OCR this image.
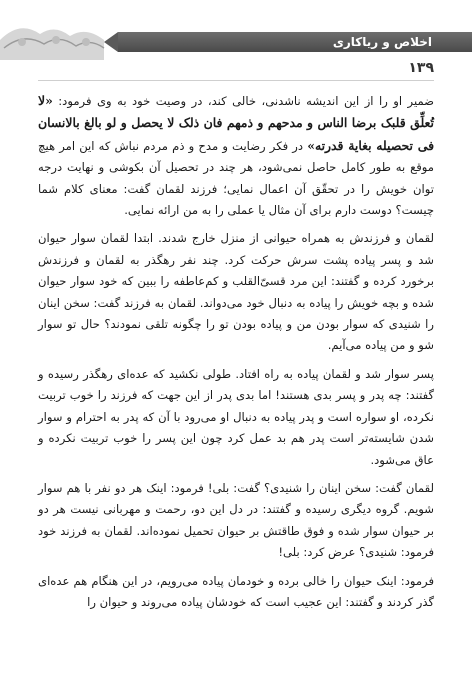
اخلاص و ریاکاری
۱۳۹

ضمیر او را از این اندیشه ناشدنی، خالی کند، در وصیت خود به وی فرمود: «لا تُعلِّق قلبک برضا الناس و مدحهم و ذمهم فان ذلک لا یحصل و لو بالغ بالانسان فی تحصیله بغایة قدرته» در فکر رضایت و مدح و ذم مردم نباش که این امر هیچ موقع به طور کامل حاصل نمی‌شود، هر چند در تحصیل آن بکوشی و نهایت درجه توان خویش را در تحقّق آن اعمال نمایی؛ فرزند لقمان گفت: معنای کلام شما چیست؟ دوست دارم برای آن مثال یا عملی را به من ارائه نمایی.

لقمان و فرزندش به همراه حیوانی از منزل خارج شدند. ابتدا لقمان سوار حیوان شد و پسر پیاده پشت سرش حرکت کرد. چند نفر رهگذر به لقمان و فرزندش برخورد کرده و گفتند: این مرد قسیّ‌القلب و کم‌عاطفه را ببین که خود سوار حیوان شده و بچه خویش را پیاده به دنبال خود می‌دواند. لقمان به فرزند گفت: سخن اینان را شنیدی که سوار بودن من و پیاده بودن تو را چگونه تلقی نمودند؟ حال تو سوار شو و من پیاده می‌آیم.

پسر سوار شد و لقمان پیاده به راه افتاد. طولی نکشید که عده‌ای رهگذر رسیده و گفتند: چه پدر و پسر بدی هستند! اما بدی پدر از این جهت که فرزند را خوب تربیت نکرده، او سواره است و پدر پیاده به دنبال او می‌رود با آن که پدر به احترام و سوار شدن شایسته‌تر است پدر هم بد عمل کرد چون این پسر را خوب تربیت نکرده و عاق می‌شود.

لقمان گفت: سخن اینان را شنیدی؟ گفت: بلی! فرمود: اینک هر دو نفر با هم سوار شویم. گروه دیگری رسیده و گفتند: در دل این دو، رحمت و مهربانی نیست هر دو بر حیوان سوار شده و فوق طاقتش بر حیوان تحمیل نموده‌اند. لقمان به فرزند خود فرمود: شنیدی؟ عرض کرد: بلی!

فرمود: اینک حیوان را خالی برده و خودمان پیاده می‌رویم، در این هنگام هم عده‌ای گذر کردند و گفتند: این عجیب است که خودشان پیاده می‌روند و حیوان را
